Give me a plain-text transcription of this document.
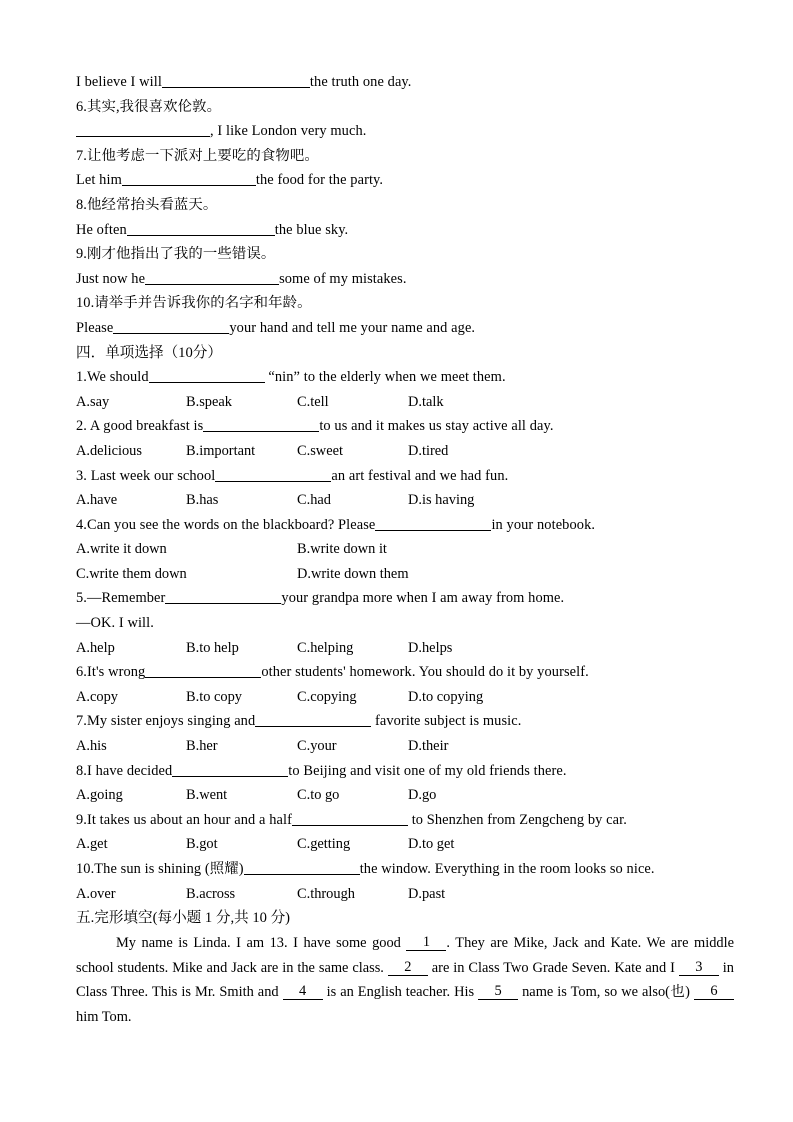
I believe I will	the truth one day.
6.其实,我很喜欢伦敦。
, I like London very much.
7.让他考虑一下派对上要吃的食物吧。
Let him	the food for the party.
8.他经常抬头看蓝天。
He often	the blue sky.
9.刚才他指出了我的一些错误。
Just now he	some of my mistakes.
10.请举手并告诉我你的名字和年龄。
Please	your hand and tell me your name and age.
四．单项选择（10分）
1.We should	“nin” to the elderly when we meet them.
A.say	B.speak	C.tell	D.talk
2. A good breakfast is	to us and it makes us stay active all day.
A.delicious	B.important	C.sweet	D.tired
3. Last week our school	an art festival and we had fun.
A.have	B.has	C.had	D.is having
4.Can you see the words on the blackboard? Please	in your notebook.
A.write it down	B.write down it
C.write them down	D.write down them
5.—Remember	your grandpa more when I am away from home.
—OK. I will.
A.help	B.to help	C.helping	D.helps
6.It's wrong	other students' homework. You should do it by yourself.
A.copy	B.to copy	C.copying	D.to copying
7.My sister enjoys singing and	favorite subject is music.
A.his	B.her	C.your	D.their
8.I have decided	to Beijing and visit one of my old friends there.
A.going	B.went	C.to go	D.go
9.It takes us about an hour and a half	to Shenzhen from Zengcheng by car.
A.get	B.got	C.getting	D.to get
10.The sun is shining (照耀)	the window. Everything in the room looks so nice.
A.over	B.across	C.through	D.past
五.完形填空(每小题 1 分,共 10 分)

My name is Linda. I am 13. I have some good 1 . They are Mike, Jack and Kate. We are middle school students. Mike and Jack are in the same class. 2 are in Class Two Grade Seven. Kate and I 3 in Class Three. This is Mr. Smith and 4 is an English teacher. His 5 name is Tom, so we also(也) 6 him Tom.
